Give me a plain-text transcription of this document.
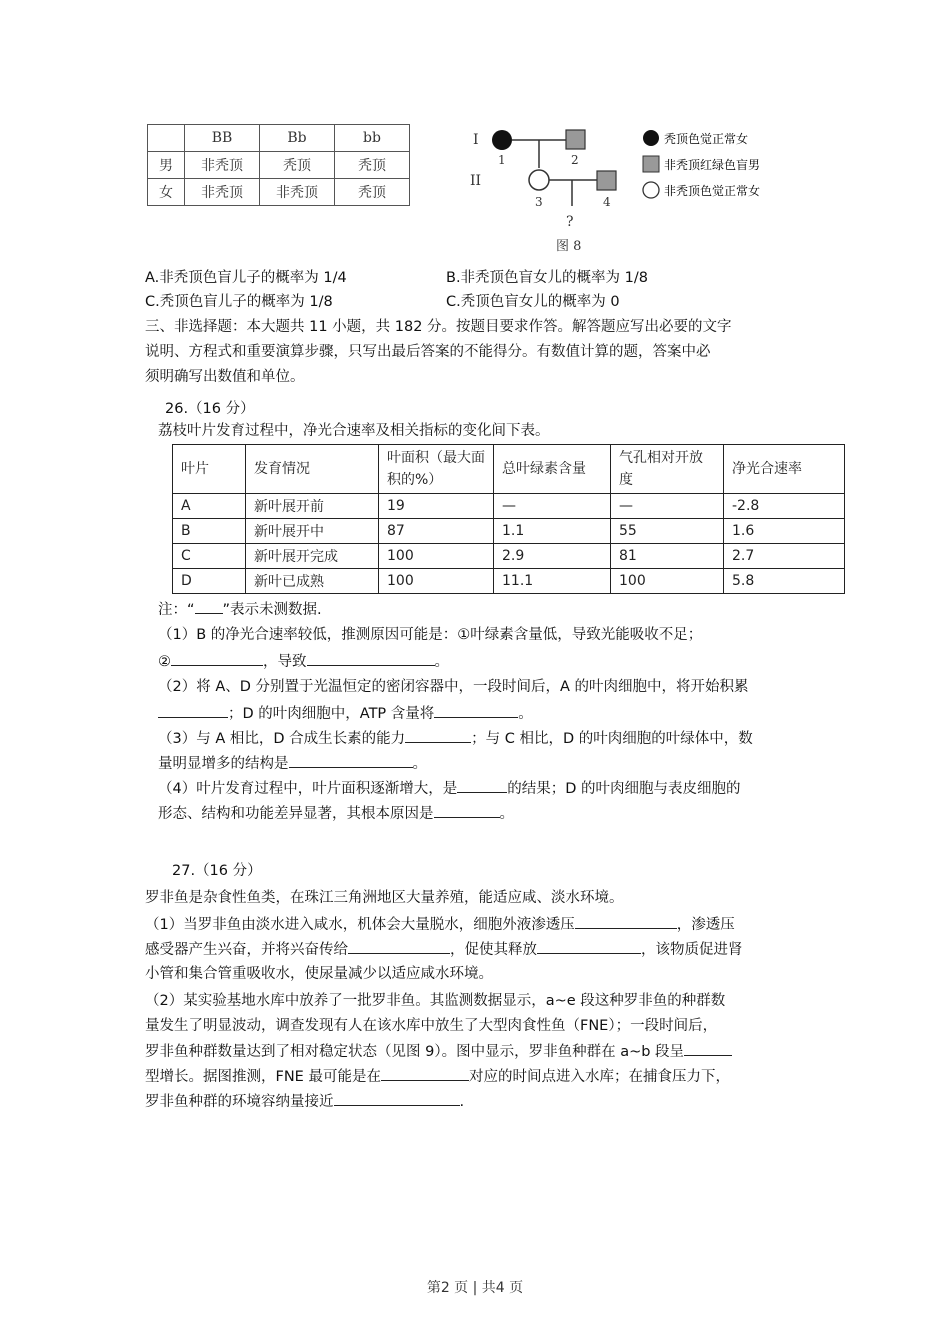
	BB	Bb	bb
男	非秃顶	秃顶	秃顶
女	非秃顶	非秃顶	秃顶
I
II
1	2
3	4
?
图 8
秃顶色觉正常女
非秃顶红绿色盲男
非秃顶色觉正常女
A.非秃顶色盲儿子的概率为 1/4	B.非秃顶色盲女儿的概率为 1/8
C.秃顶色盲儿子的概率为 1/8	C.秃顶色盲女儿的概率为 0
三、非选择题：本大题共 11 小题，共 182 分。按题目要求作答。解答题应写出必要的文字
说明、方程式和重要演算步骤，只写出最后答案的不能得分。有数值计算的题，答案中必
须明确写出数值和单位。
26.（16 分）
荔枝叶片发育过程中，净光合速率及相关指标的变化间下表。
叶片	发育情况	叶面积（最大面积的%）	总叶绿素含量	气孔相对开放度	净光合速率
A	新叶展开前	19	—	—	-2.8
B	新叶展开中	87	1.1	55	1.6
C	新叶展开完成	100	2.9	81	2.7
D	新叶已成熟	100	11.1	100	5.8
注：“ ”表示未测数据.
（1）B 的净光合速率较低，推测原因可能是：①叶绿素含量低，导致光能吸收不足；
②	，导致	。
（2）将 A、D 分别置于光温恒定的密闭容器中，一段时间后，A 的叶肉细胞中，将开始积累
；D 的叶肉细胞中，ATP 含量将	。
（3）与 A 相比，D 合成生长素的能力	；与 C 相比，D 的叶肉细胞的叶绿体中，数
量明显增多的结构是	。
（4）叶片发育过程中，叶片面积逐渐增大，是	的结果；D 的叶肉细胞与表皮细胞的
形态、结构和功能差异显著，其根本原因是	。
27.（16 分）
罗非鱼是杂食性鱼类，在珠江三角洲地区大量养殖，能适应咸、淡水环境。
（1）当罗非鱼由淡水进入咸水，机体会大量脱水，细胞外液渗透压	，渗透压
感受器产生兴奋，并将兴奋传给	，促使其释放	，该物质促进肾
小管和集合管重吸收水，使尿量减少以适应咸水环境。
（2）某实验基地水库中放养了一批罗非鱼。其监测数据显示，a~e 段这种罗非鱼的种群数
量发生了明显波动，调查发现有人在该水库中放生了大型肉食性鱼（FNE）；一段时间后，
罗非鱼种群数量达到了相对稳定状态（见图 9）。图中显示，罗非鱼种群在 a~b 段呈
型增长。据图推测，FNE 最可能是在	对应的时间点进入水库；在捕食压力下，
罗非鱼种群的环境容纳量接近	.
第2 页 | 共4 页
